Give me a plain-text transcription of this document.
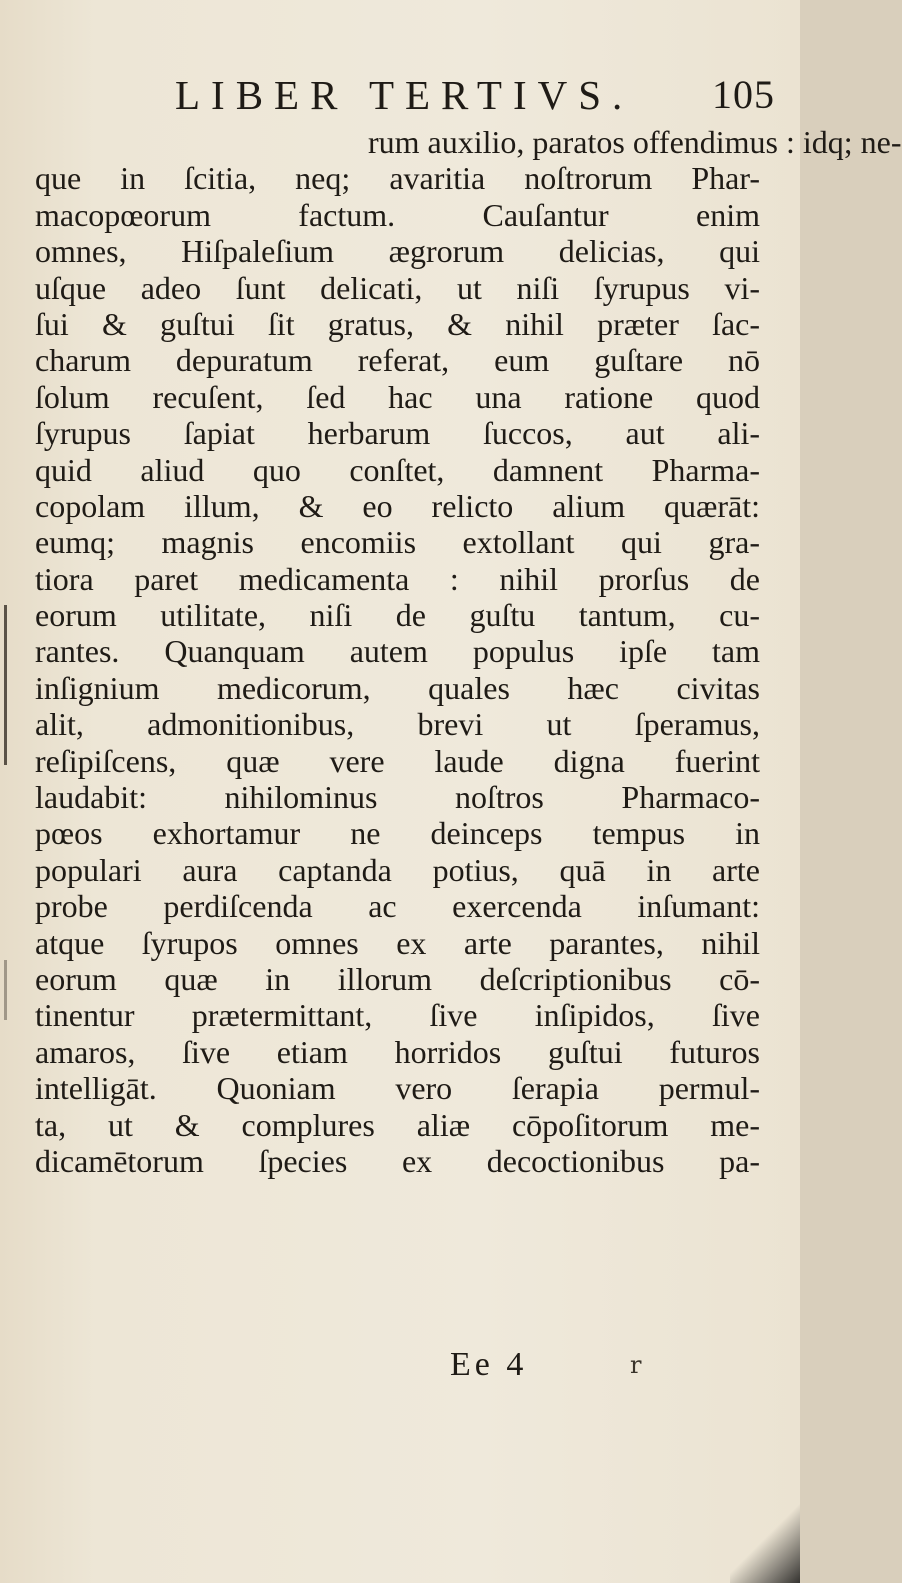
LIBER TERTIVS. 105
rum auxilio, paratos offendimus : idq; ne-
que in ſcitia, neq; avaritia noſtrorum Phar-
macopœorum factum. Cauſantur enim
omnes, Hiſpaleſium ægrorum delicias, qui
uſque adeo ſunt delicati, ut niſi ſyrupus vi-
ſui & guſtui ſit gratus, & nihil præter ſac-
charum depuratum referat, eum guſtare nō
ſolum recuſent, ſed hac una ratione quod
ſyrupus ſapiat herbarum ſuccos, aut ali-
quid aliud quo conſtet, damnent Pharma-
copolam illum, & eo relicto alium quærāt:
eumq; magnis encomiis extollant qui gra-
tiora paret medicamenta : nihil prorſus de
eorum utilitate, niſi de guſtu tantum, cu-
rantes. Quanquam autem populus ipſe tam
inſignium medicorum, quales hæc civitas
alit, admonitionibus, brevi ut ſperamus,
reſipiſcens, quæ vere laude digna fuerint
laudabit: nihilominus noſtros Pharmaco-
pœos exhortamur ne deinceps tempus in
populari aura captanda potius, quā in arte
probe perdiſcenda ac exercenda inſumant:
atque ſyrupos omnes ex arte parantes, nihil
eorum quæ in illorum deſcriptionibus cō-
tinentur prætermittant, ſive inſipidos, ſive
amaros, ſive etiam horridos guſtui futuros
intelligāt. Quoniam vero ſerapia permul-
ta, ut & complures aliæ cōpoſitorum me-
dicamētorum ſpecies ex decoctionibus pa-
Ee 4	r
